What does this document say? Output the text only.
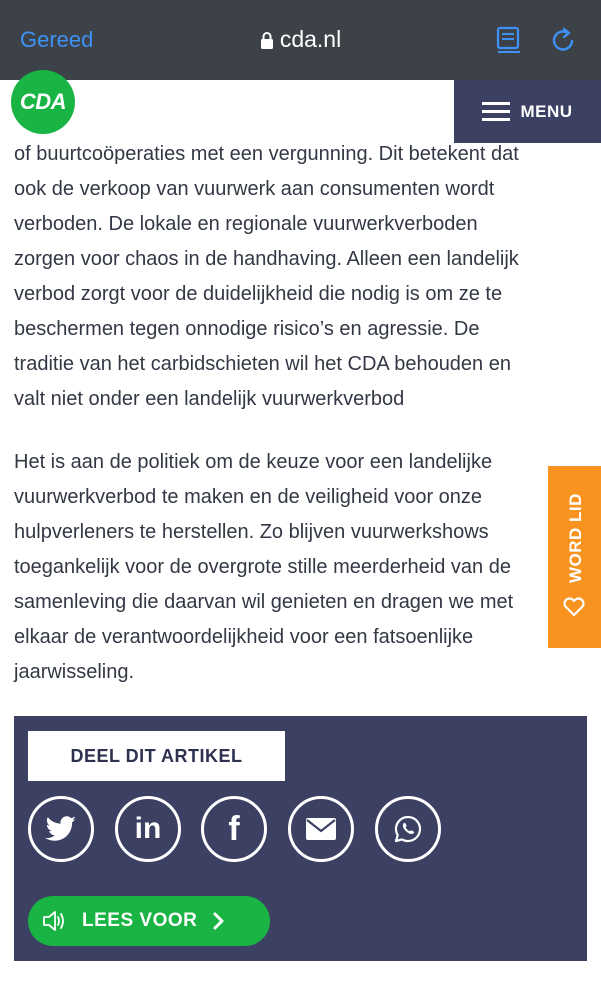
Gereed	cda.nl
CDA	MENU
of buurtcoöperaties met een vergunning. Dit betekent dat
ook de verkoop van vuurwerk aan consumenten wordt
verboden. De lokale en regionale vuurwerkverboden
zorgen voor chaos in de handhaving. Alleen een landelijk
verbod zorgt voor de duidelijkheid die nodig is om ze te
beschermen tegen onnodige risico’s en agressie. De
traditie van het carbidschieten wil het CDA behouden en
valt niet onder een landelijk vuurwerkverbod
Het is aan de politiek om de keuze voor een landelijke
vuurwerkverbod te maken en de veiligheid voor onze
hulpverleners te herstellen. Zo blijven vuurwerkshows
toegankelijk voor de overgrote stille meerderheid van de
samenleving die daarvan wil genieten en dragen we met
elkaar de verantwoordelijkheid voor een fatsoenlijke
jaarwisseling.
WORD LID
DEEL DIT ARTIKEL
in f
LEES VOOR
